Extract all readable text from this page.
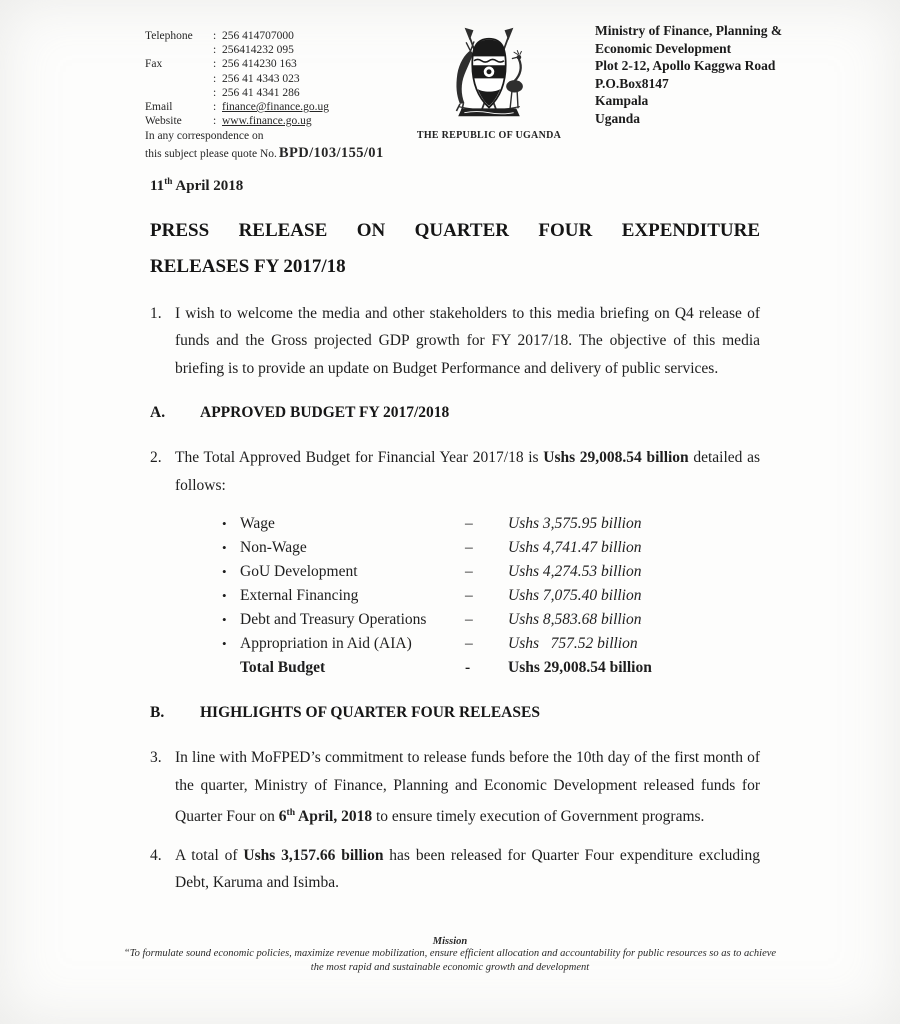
Telephone	: 256 414707000
: 256414232 095
Fax	: 256 414230 163
: 256 41 4343 023
: 256 41 4341 286
Email	: finance@finance.go.ug
Website	: www.finance.go.ug
In any correspondence on
this subject please quote No. BPD/103/155/01
THE REPUBLIC OF UGANDA
Ministry of Finance, Planning &
Economic Development
Plot 2-12, Apollo Kaggwa Road
P.O.Box8147
Kampala
Uganda
11th April 2018
PRESS RELEASE ON QUARTER FOUR EXPENDITURE
RELEASES FY 2017/18
1. I wish to welcome the media and other stakeholders to this media briefing on Q4 release of funds and the Gross projected GDP growth for FY 2017/18. The objective of this media briefing is to provide an update on Budget Performance and delivery of public services.
A.	APPROVED BUDGET FY 2017/2018
2. The Total Approved Budget for Financial Year 2017/18 is Ushs 29,008.54 billion detailed as follows:
• Wage	–	Ushs 3,575.95 billion
• Non-Wage	–	Ushs 4,741.47 billion
• GoU Development	–	Ushs 4,274.53 billion
• External Financing	–	Ushs 7,075.40 billion
• Debt and Treasury Operations	–	Ushs 8,583.68 billion
• Appropriation in Aid (AIA)	–	Ushs   757.52 billion
Total Budget	-	Ushs 29,008.54 billion
B.	HIGHLIGHTS OF QUARTER FOUR RELEASES
3. In line with MoFPED’s commitment to release funds before the 10th day of the first month of the quarter, Ministry of Finance, Planning and Economic Development released funds for Quarter Four on 6th April, 2018 to ensure timely execution of Government programs.
4. A total of Ushs 3,157.66 billion has been released for Quarter Four expenditure excluding Debt, Karuma and Isimba.
Mission
“To formulate sound economic policies, maximize revenue mobilization, ensure efficient allocation and accountability for public resources so as to achieve
the most rapid and sustainable economic growth and development
